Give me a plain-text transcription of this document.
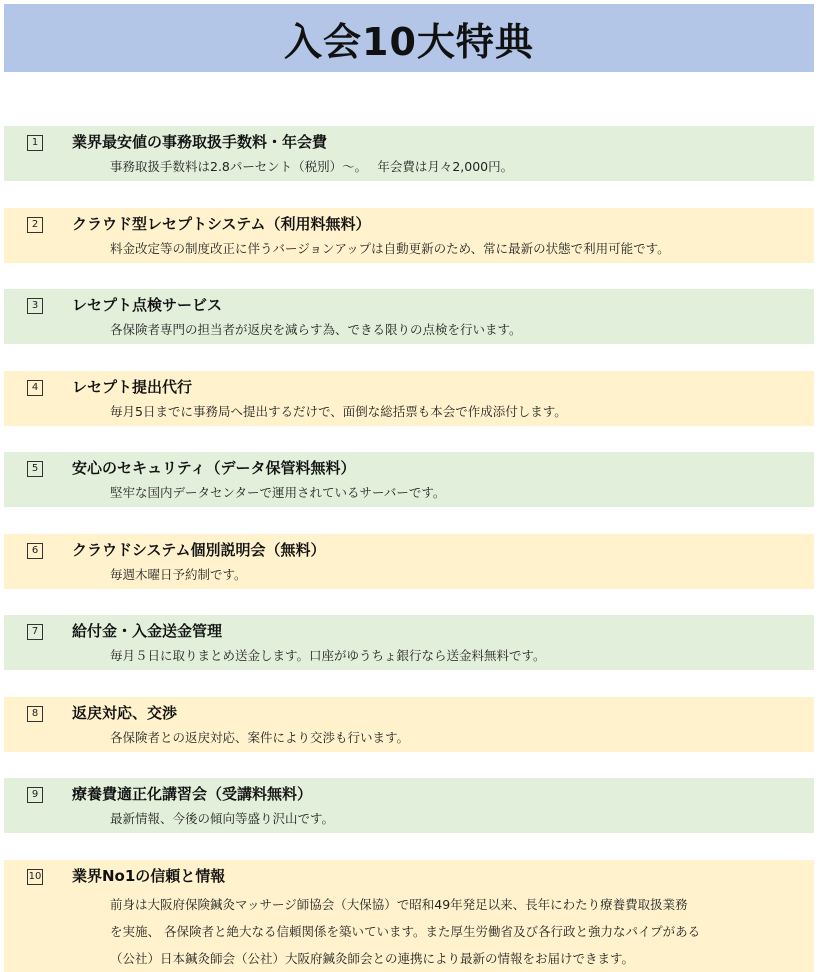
入会10大特典
1	業界最安値の事務取扱手数料・年会費
事務取扱手数料は2.8パーセント（税別）～。　 年会費は月々2,000円。
2	クラウド型レセプトシステム（利用料無料）
料金改定等の制度改正に伴うバージョンアップは自動更新のため、常に最新の状態で利用可能です。
3	レセプト点検サービス
各保険者専門の担当者が返戻を減らす為、できる限りの点検を行います。
4	レセプト提出代行
毎月5日までに事務局へ提出するだけで、面倒な総括票も本会で作成添付します。
5	安心のセキュリティ（データ保管料無料）
堅牢な国内データセンターで運用されているサーバーです。
6	クラウドシステム個別説明会（無料）
毎週木曜日予約制です。
7	給付金・入金送金管理
毎月５日に取りまとめ送金します。口座がゆうちょ銀行なら送金料無料です。
8	返戻対応、交渉
各保険者との返戻対応、案件により交渉も行います。
9	療養費適正化講習会（受講料無料）
最新情報、今後の傾向等盛り沢山です。
10 業界No1の信頼と情報
前身は大阪府保険鍼灸マッサージ師協会（大保協）で昭和49年発足以来、長年にわたり療養費取扱業務
を実施、 各保険者と絶大なる信頼関係を築いています。また厚生労働省及び各行政と強力なパイプがある
（公社）日本鍼灸師会（公社）大阪府鍼灸師会との連携により最新の情報をお届けできます。
